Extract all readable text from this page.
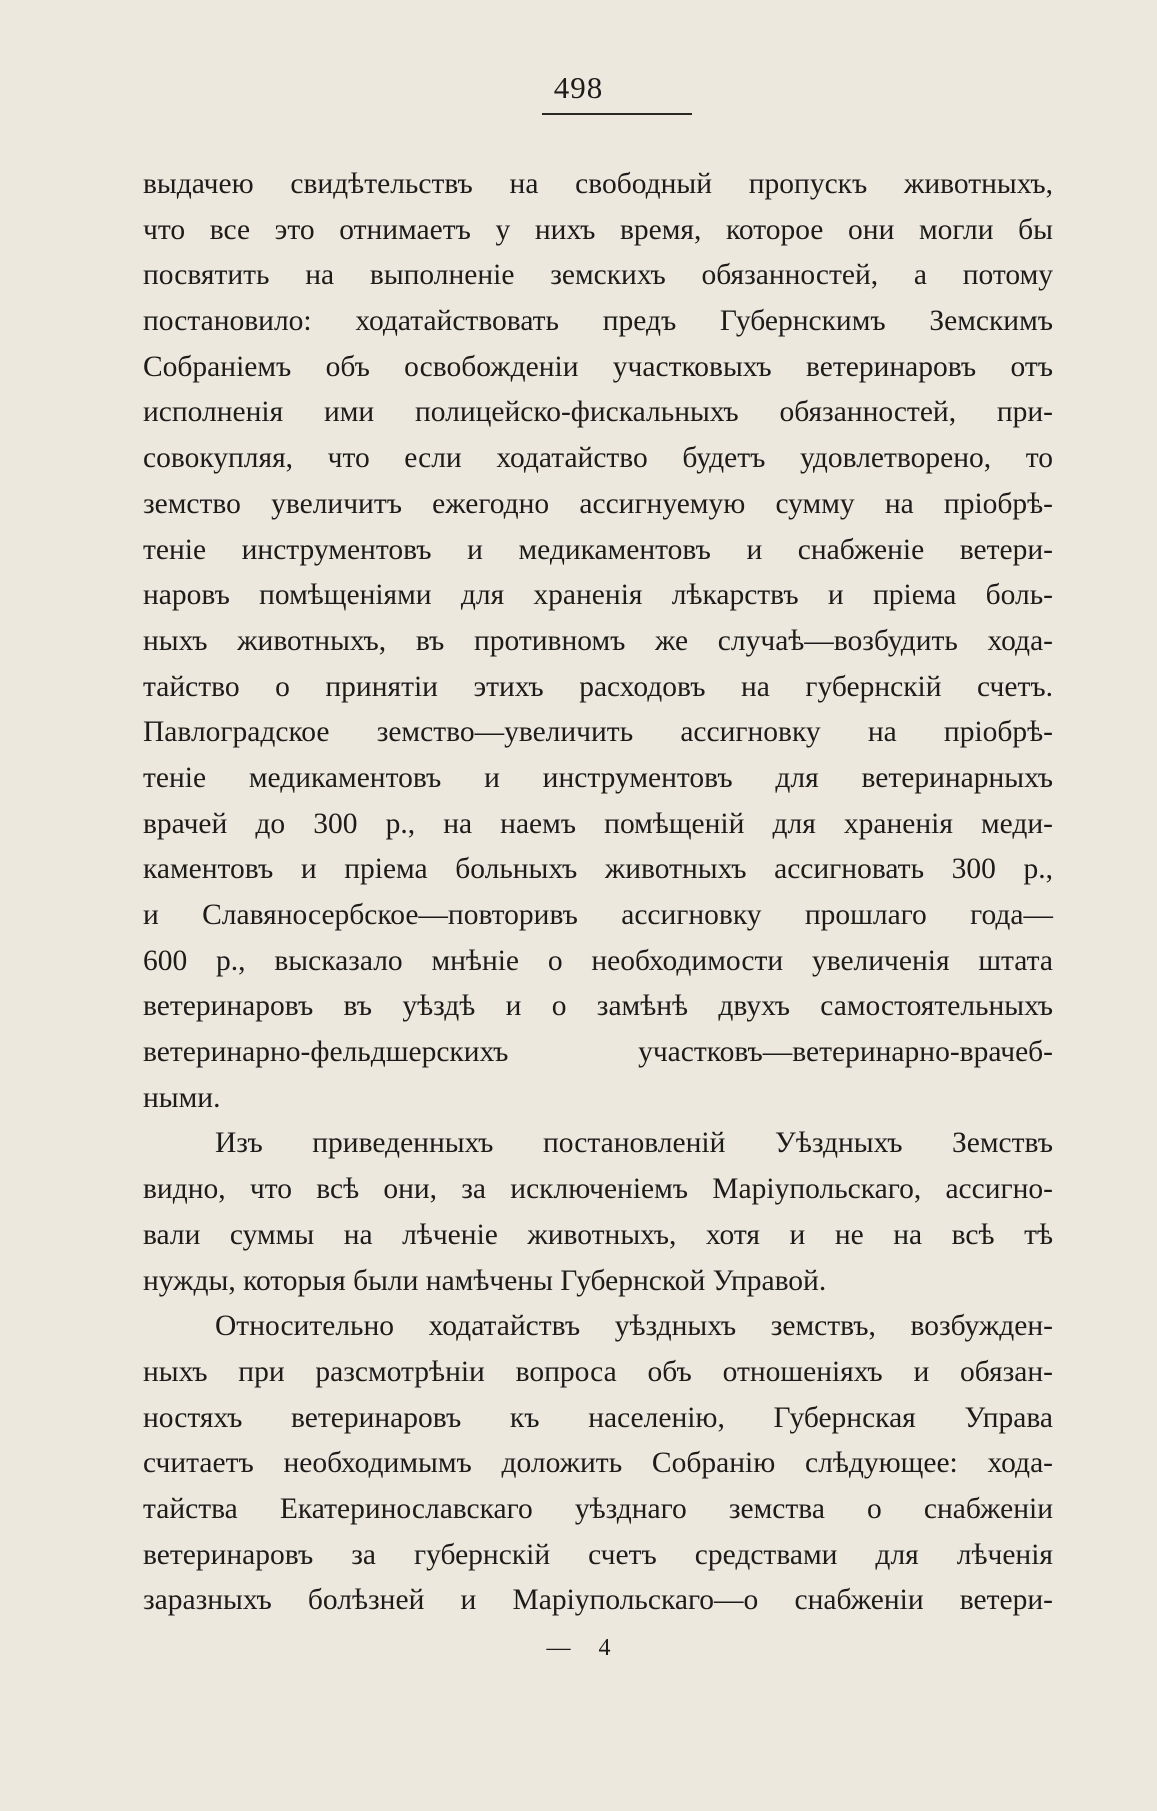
498
выдачею свидѣтельствъ на свободный пропускъ животныхъ,
что все это отнимаетъ у нихъ время, которое они могли бы
посвятить на выполненіе земскихъ обязанностей, а потому
постановило: ходатайствовать предъ Губернскимъ Земскимъ
Собраніемъ объ освобожденіи участковыхъ ветеринаровъ отъ
исполненія ими полицейско-фискальныхъ обязанностей, при-
совокупляя, что если ходатайство будетъ удовлетворено, то
земство увеличитъ ежегодно ассигнуемую сумму на пріобрѣ-
теніе инструментовъ и медикаментовъ и снабженіе ветери-
наровъ помѣщеніями для храненія лѣкарствъ и пріема боль-
ныхъ животныхъ, въ противномъ же случаѣ—возбудить хода-
тайство о принятіи этихъ расходовъ на губернскій счетъ.
Павлоградское земство—увеличить ассигновку на пріобрѣ-
теніе медикаментовъ и инструментовъ для ветеринарныхъ
врачей до 300 р., на наемъ помѣщеній для храненія меди-
каментовъ и пріема больныхъ животныхъ ассигновать 300 р.,
и Славяносербское—повторивъ ассигновку прошлаго года—
600 р., высказало мнѣніе о необходимости увеличенія штата
ветеринаровъ въ уѣздѣ и о замѣнѣ двухъ самостоятельныхъ
ветеринарно-фельдшерскихъ участковъ—ветеринарно-врачеб-
ными.
Изъ приведенныхъ постановленій Уѣздныхъ Земствъ
видно, что всѣ они, за исключеніемъ Маріупольскаго, ассигно-
вали суммы на лѣченіе животныхъ, хотя и не на всѣ тѣ
нужды, которыя были намѣчены Губернской Управой.
Относительно ходатайствъ уѣздныхъ земствъ, возбужден-
ныхъ при разсмотрѣніи вопроса объ отношеніяхъ и обязан-
ностяхъ ветеринаровъ къ населенію, Губернская Управа
считаетъ необходимымъ доложить Собранію слѣдующее: хода-
тайства Екатеринославскаго уѣзднаго земства о снабженіи
ветеринаровъ за губернскій счетъ средствами для лѣченія
заразныхъ болѣзней и Маріупольскаго—о снабженіи ветери-
— 4
